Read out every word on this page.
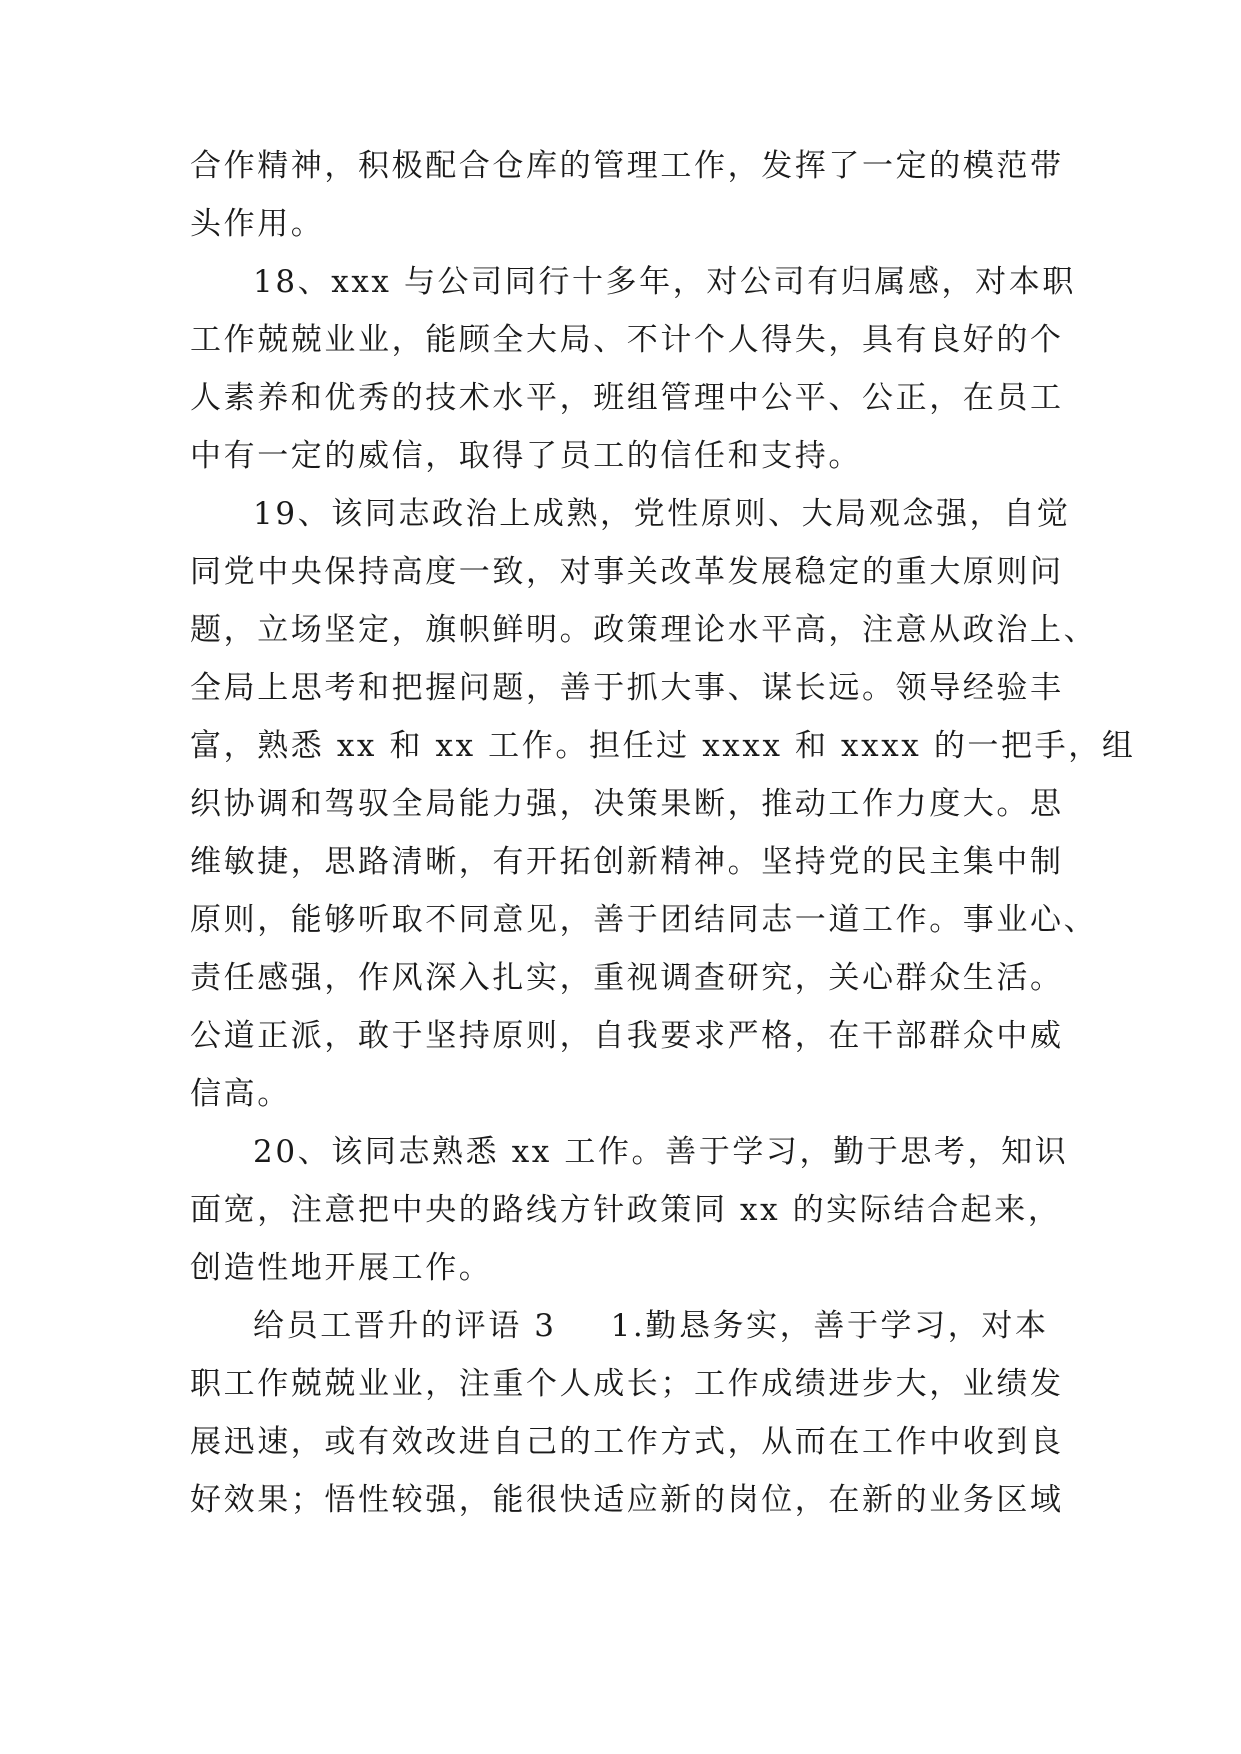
合作精神，积极配合仓库的管理工作，发挥了一定的模范带
头作用。
18、xxx 与公司同行十多年，对公司有归属感，对本职
工作兢兢业业，能顾全大局、不计个人得失，具有良好的个
人素养和优秀的技术水平，班组管理中公平、公正，在员工
中有一定的威信，取得了员工的信任和支持。
19、该同志政治上成熟，党性原则、大局观念强，自觉
同党中央保持高度一致，对事关改革发展稳定的重大原则问
题，立场坚定，旗帜鲜明。政策理论水平高，注意从政治上、
全局上思考和把握问题，善于抓大事、谋长远。领导经验丰
富，熟悉 xx 和 xx 工作。担任过 xxxx 和 xxxx 的一把手，组
织协调和驾驭全局能力强，决策果断，推动工作力度大。思
维敏捷，思路清晰，有开拓创新精神。坚持党的民主集中制
原则，能够听取不同意见，善于团结同志一道工作。事业心、
责任感强，作风深入扎实，重视调查研究，关心群众生活。
公道正派，敢于坚持原则，自我要求严格，在干部群众中威
信高。
20、该同志熟悉 xx 工作。善于学习，勤于思考，知识
面宽，注意把中央的路线方针政策同 xx 的实际结合起来，
创造性地开展工作。
给员工晋升的评语 3 1.勤恳务实，善于学习，对本
职工作兢兢业业，注重个人成长；工作成绩进步大，业绩发
展迅速，或有效改进自己的工作方式，从而在工作中收到良
好效果；悟性较强，能很快适应新的岗位，在新的业务区域
